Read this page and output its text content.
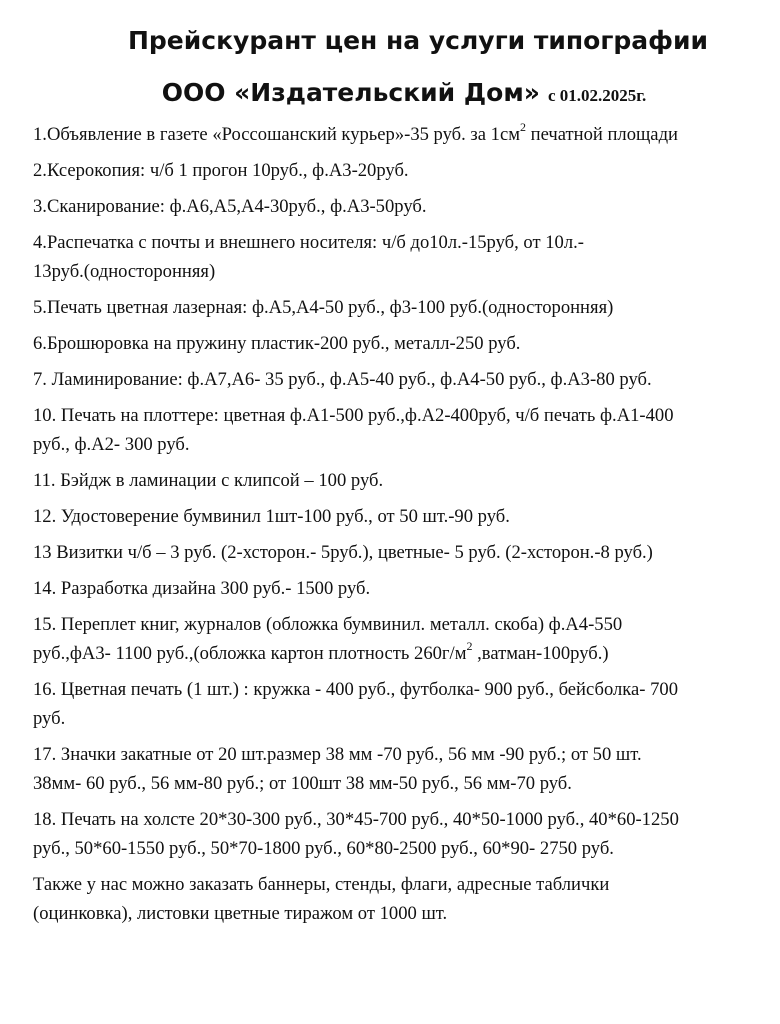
Прейскурант цен на услуги типографии
ООО «Издательский Дом» с 01.02.2025г.
1.Объявление в газете «Россошанский курьер»-35 руб. за $1см^2$ печатной площади
2.Ксерокопия: ч/б 1 прогон 10руб., ф.А3-20руб.
3.Сканирование: ф.А6,А5,А4-30руб., ф.А3-50руб.
4.Распечатка с почты и внешнего носителя: ч/б до10л.-15руб, от 10л.-
13руб.(односторонняя)
5.Печать цветная лазерная: ф.А5,А4-50 руб., ф3-100 руб.(односторонняя)
6.Брошюровка на пружину пластик-200 руб., металл-250 руб.
7. Ламинирование: ф.А7,А6- 35 руб., ф.А5-40 руб., ф.А4-50 руб., ф.А3-80 руб.
10. Печать на плоттере: цветная ф.А1-500 руб.,ф.А2-400руб, ч/б печать ф.А1-400
руб., ф.А2- 300 руб.
11. Бэйдж в ламинации с клипсой – 100 руб.
12. Удостоверение бумвинил 1шт-100 руб., от 50 шт.-90 руб.
13 Визитки ч/б – 3 руб. (2-хсторон.- 5руб.), цветные- 5 руб. (2-хсторон.-8 руб.)
14. Разработка дизайна 300 руб.- 1500 руб.
15. Переплет книг, журналов (обложка бумвинил. металл. скоба) ф.А4-550
руб.,фА3- 1100 руб.,(обложка картон плотность $260г/м^2$ ,ватман-100руб.)
16. Цветная печать (1 шт.) : кружка - 400 руб., футболка- 900 руб., бейсболка- 700
руб.
17. Значки закатные от 20 шт.размер 38 мм -70 руб., 56 мм -90 руб.; от 50 шт.
38мм- 60 руб., 56 мм-80 руб.; от 100шт 38 мм-50 руб., 56 мм-70 руб.
18. Печать на холсте 20*30-300 руб., 30*45-700 руб., 40*50-1000 руб., 40*60-1250
руб., 50*60-1550 руб., 50*70-1800 руб., 60*80-2500 руб., 60*90- 2750 руб.
Также у нас можно заказать баннеры, стенды, флаги, адресные таблички
(оцинковка), листовки цветные тиражом от 1000 шт.
